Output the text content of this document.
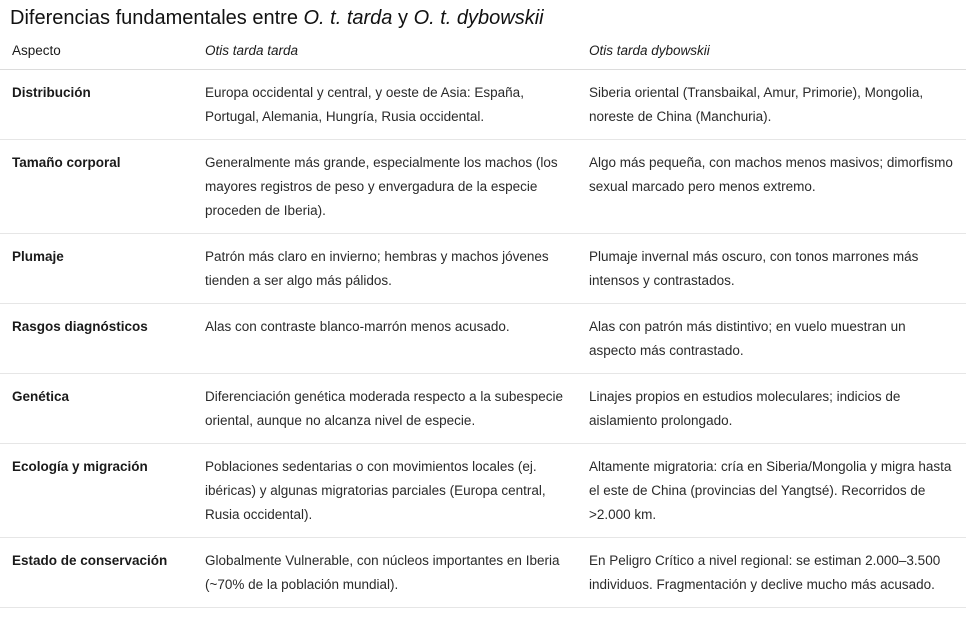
Diferencias fundamentales entre O. t. tarda y O. t. dybowskii
Aspecto	Otis tarda tarda	Otis tarda dybowskii
Distribución	Europa occidental y central, y oeste de Asia: España, Portugal, Alemania, Hungría, Rusia occidental.	Siberia oriental (Transbaikal, Amur, Primorie), Mongolia, noreste de China (Manchuria).
Tamaño corporal	Generalmente más grande, especialmente los machos (los mayores registros de peso y envergadura de la especie proceden de Iberia).	Algo más pequeña, con machos menos masivos; dimorfismo sexual marcado pero menos extremo.
Plumaje	Patrón más claro en invierno; hembras y machos jóvenes tienden a ser algo más pálidos.	Plumaje invernal más oscuro, con tonos marrones más intensos y contrastados.
Rasgos diagnósticos	Alas con contraste blanco-marrón menos acusado.	Alas con patrón más distintivo; en vuelo muestran un aspecto más contrastado.
Genética	Diferenciación genética moderada respecto a la subespecie oriental, aunque no alcanza nivel de especie.	Linajes propios en estudios moleculares; indicios de aislamiento prolongado.
Ecología y migración	Poblaciones sedentarias o con movimientos locales (ej. ibéricas) y algunas migratorias parciales (Europa central, Rusia occidental).	Altamente migratoria: cría en Siberia/Mongolia y migra hasta el este de China (provincias del Yangtsé). Recorridos de >2.000 km.
Estado de conservación	Globalmente Vulnerable, con núcleos importantes en Iberia (~70% de la población mundial).	En Peligro Crítico a nivel regional: se estiman 2.000–3.500 individuos. Fragmentación y declive mucho más acusado.
